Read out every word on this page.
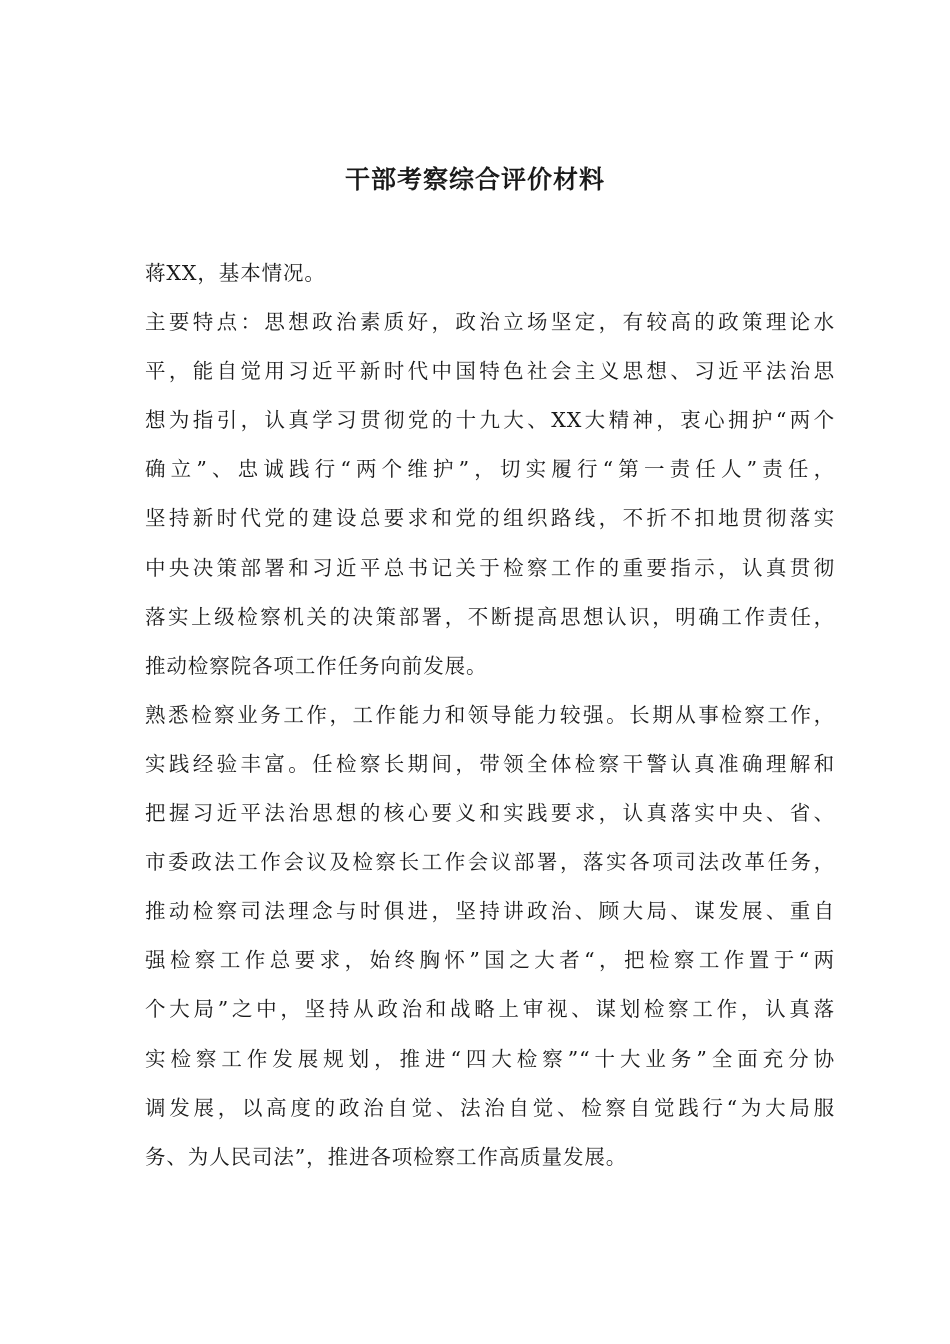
干部考察综合评价材料
蒋XX，基本情况。
主要特点：思想政治素质好，政治立场坚定，有较高的政策理论水
平，能自觉用习近平新时代中国特色社会主义思想、习近平法治思
想为指引，认真学习贯彻党的十九大、XX大精神，衷心拥护“两个
确立”、忠诚践行“两个维护”，切实履行“第一责任人”责任，
坚持新时代党的建设总要求和党的组织路线，不折不扣地贯彻落实
中央决策部署和习近平总书记关于检察工作的重要指示，认真贯彻
落实上级检察机关的决策部署，不断提高思想认识，明确工作责任，
推动检察院各项工作任务向前发展。
熟悉检察业务工作，工作能力和领导能力较强。长期从事检察工作，
实践经验丰富。任检察长期间，带领全体检察干警认真准确理解和
把握习近平法治思想的核心要义和实践要求，认真落实中央、省、
市委政法工作会议及检察长工作会议部署，落实各项司法改革任务，
推动检察司法理念与时俱进，坚持讲政治、顾大局、谋发展、重自
强检察工作总要求，始终胸怀”国之大者“，把检察工作置于“两
个大局”之中，坚持从政治和战略上审视、谋划检察工作，认真落
实检察工作发展规划，推进“四大检察”“十大业务”全面充分协
调发展，以高度的政治自觉、法治自觉、检察自觉践行“为大局服
务、为人民司法”，推进各项检察工作高质量发展。
